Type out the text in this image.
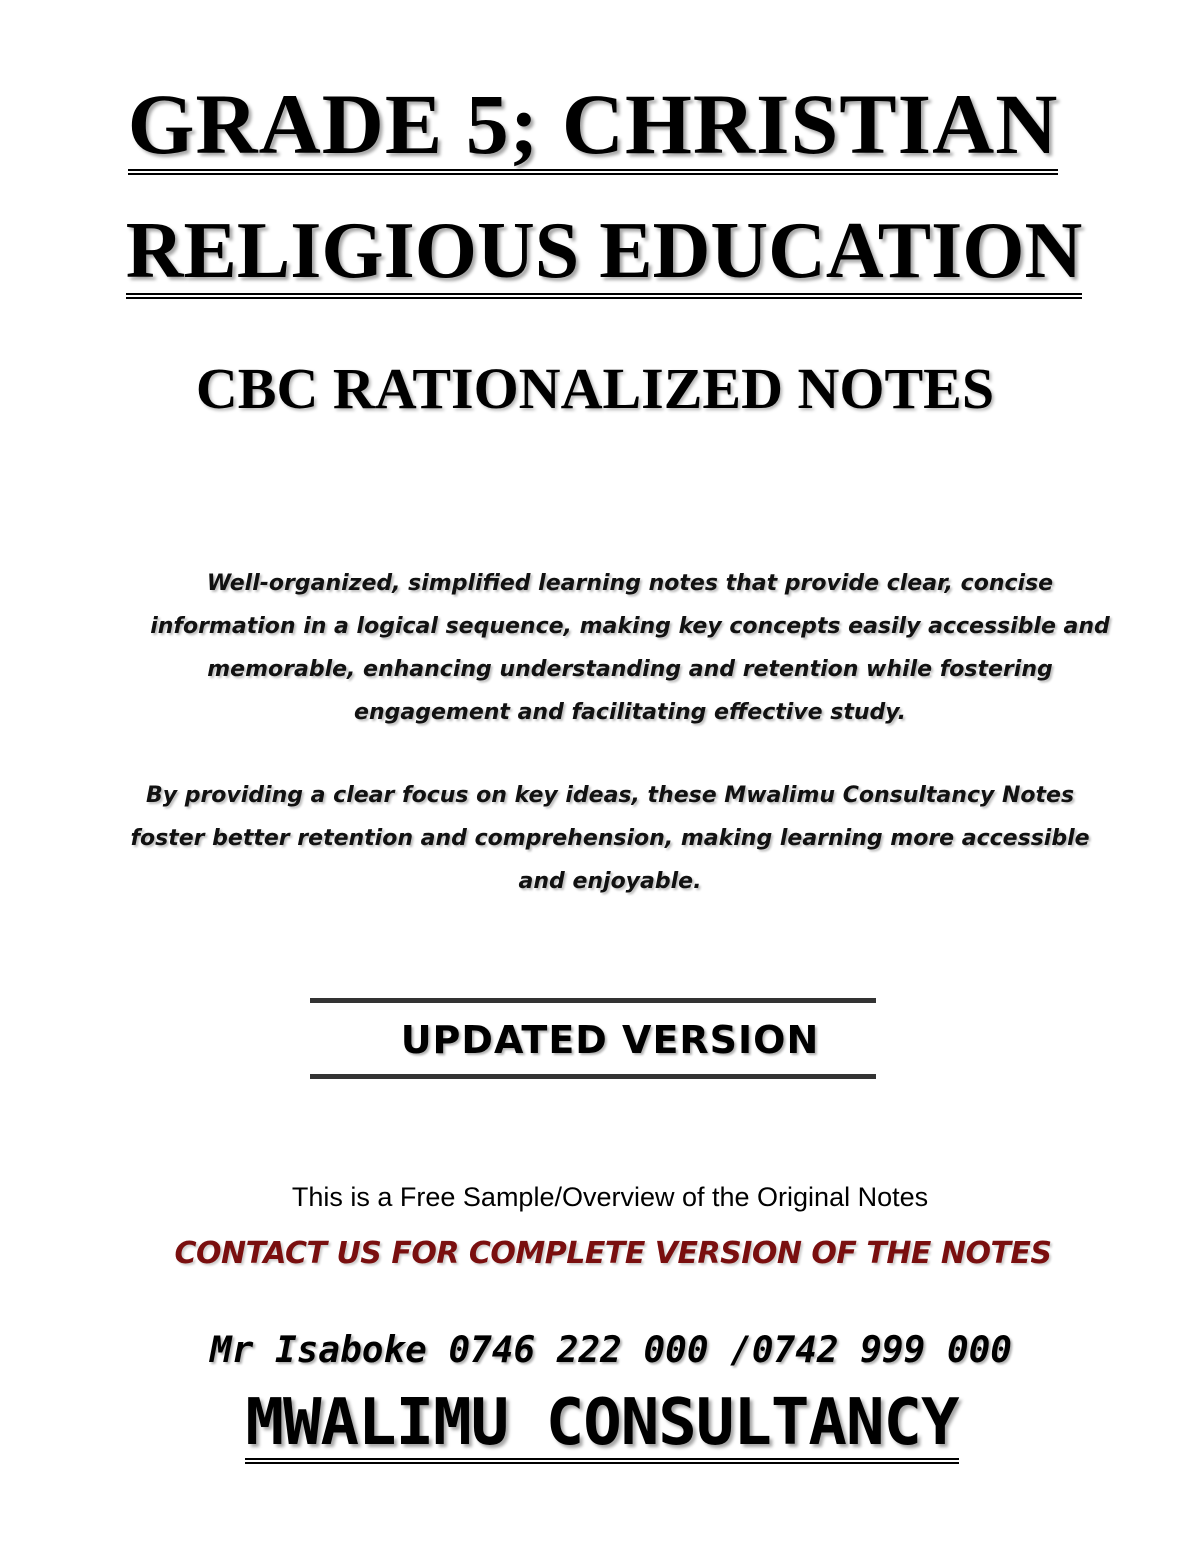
GRADE 5; CHRISTIAN
RELIGIOUS EDUCATION
CBC RATIONALIZED NOTES
Well-organized, simplified learning notes that provide clear, concise information in a logical sequence, making key concepts easily accessible and memorable, enhancing understanding and retention while fostering engagement and facilitating effective study.
By providing a clear focus on key ideas, these Mwalimu Consultancy Notes foster better retention and comprehension, making learning more accessible and enjoyable.
UPDATED VERSION
This is a Free Sample/Overview of the Original Notes
CONTACT US FOR COMPLETE VERSION OF THE NOTES
Mr Isaboke 0746 222 000 /0742 999 000
MWALIMU CONSULTANCY
